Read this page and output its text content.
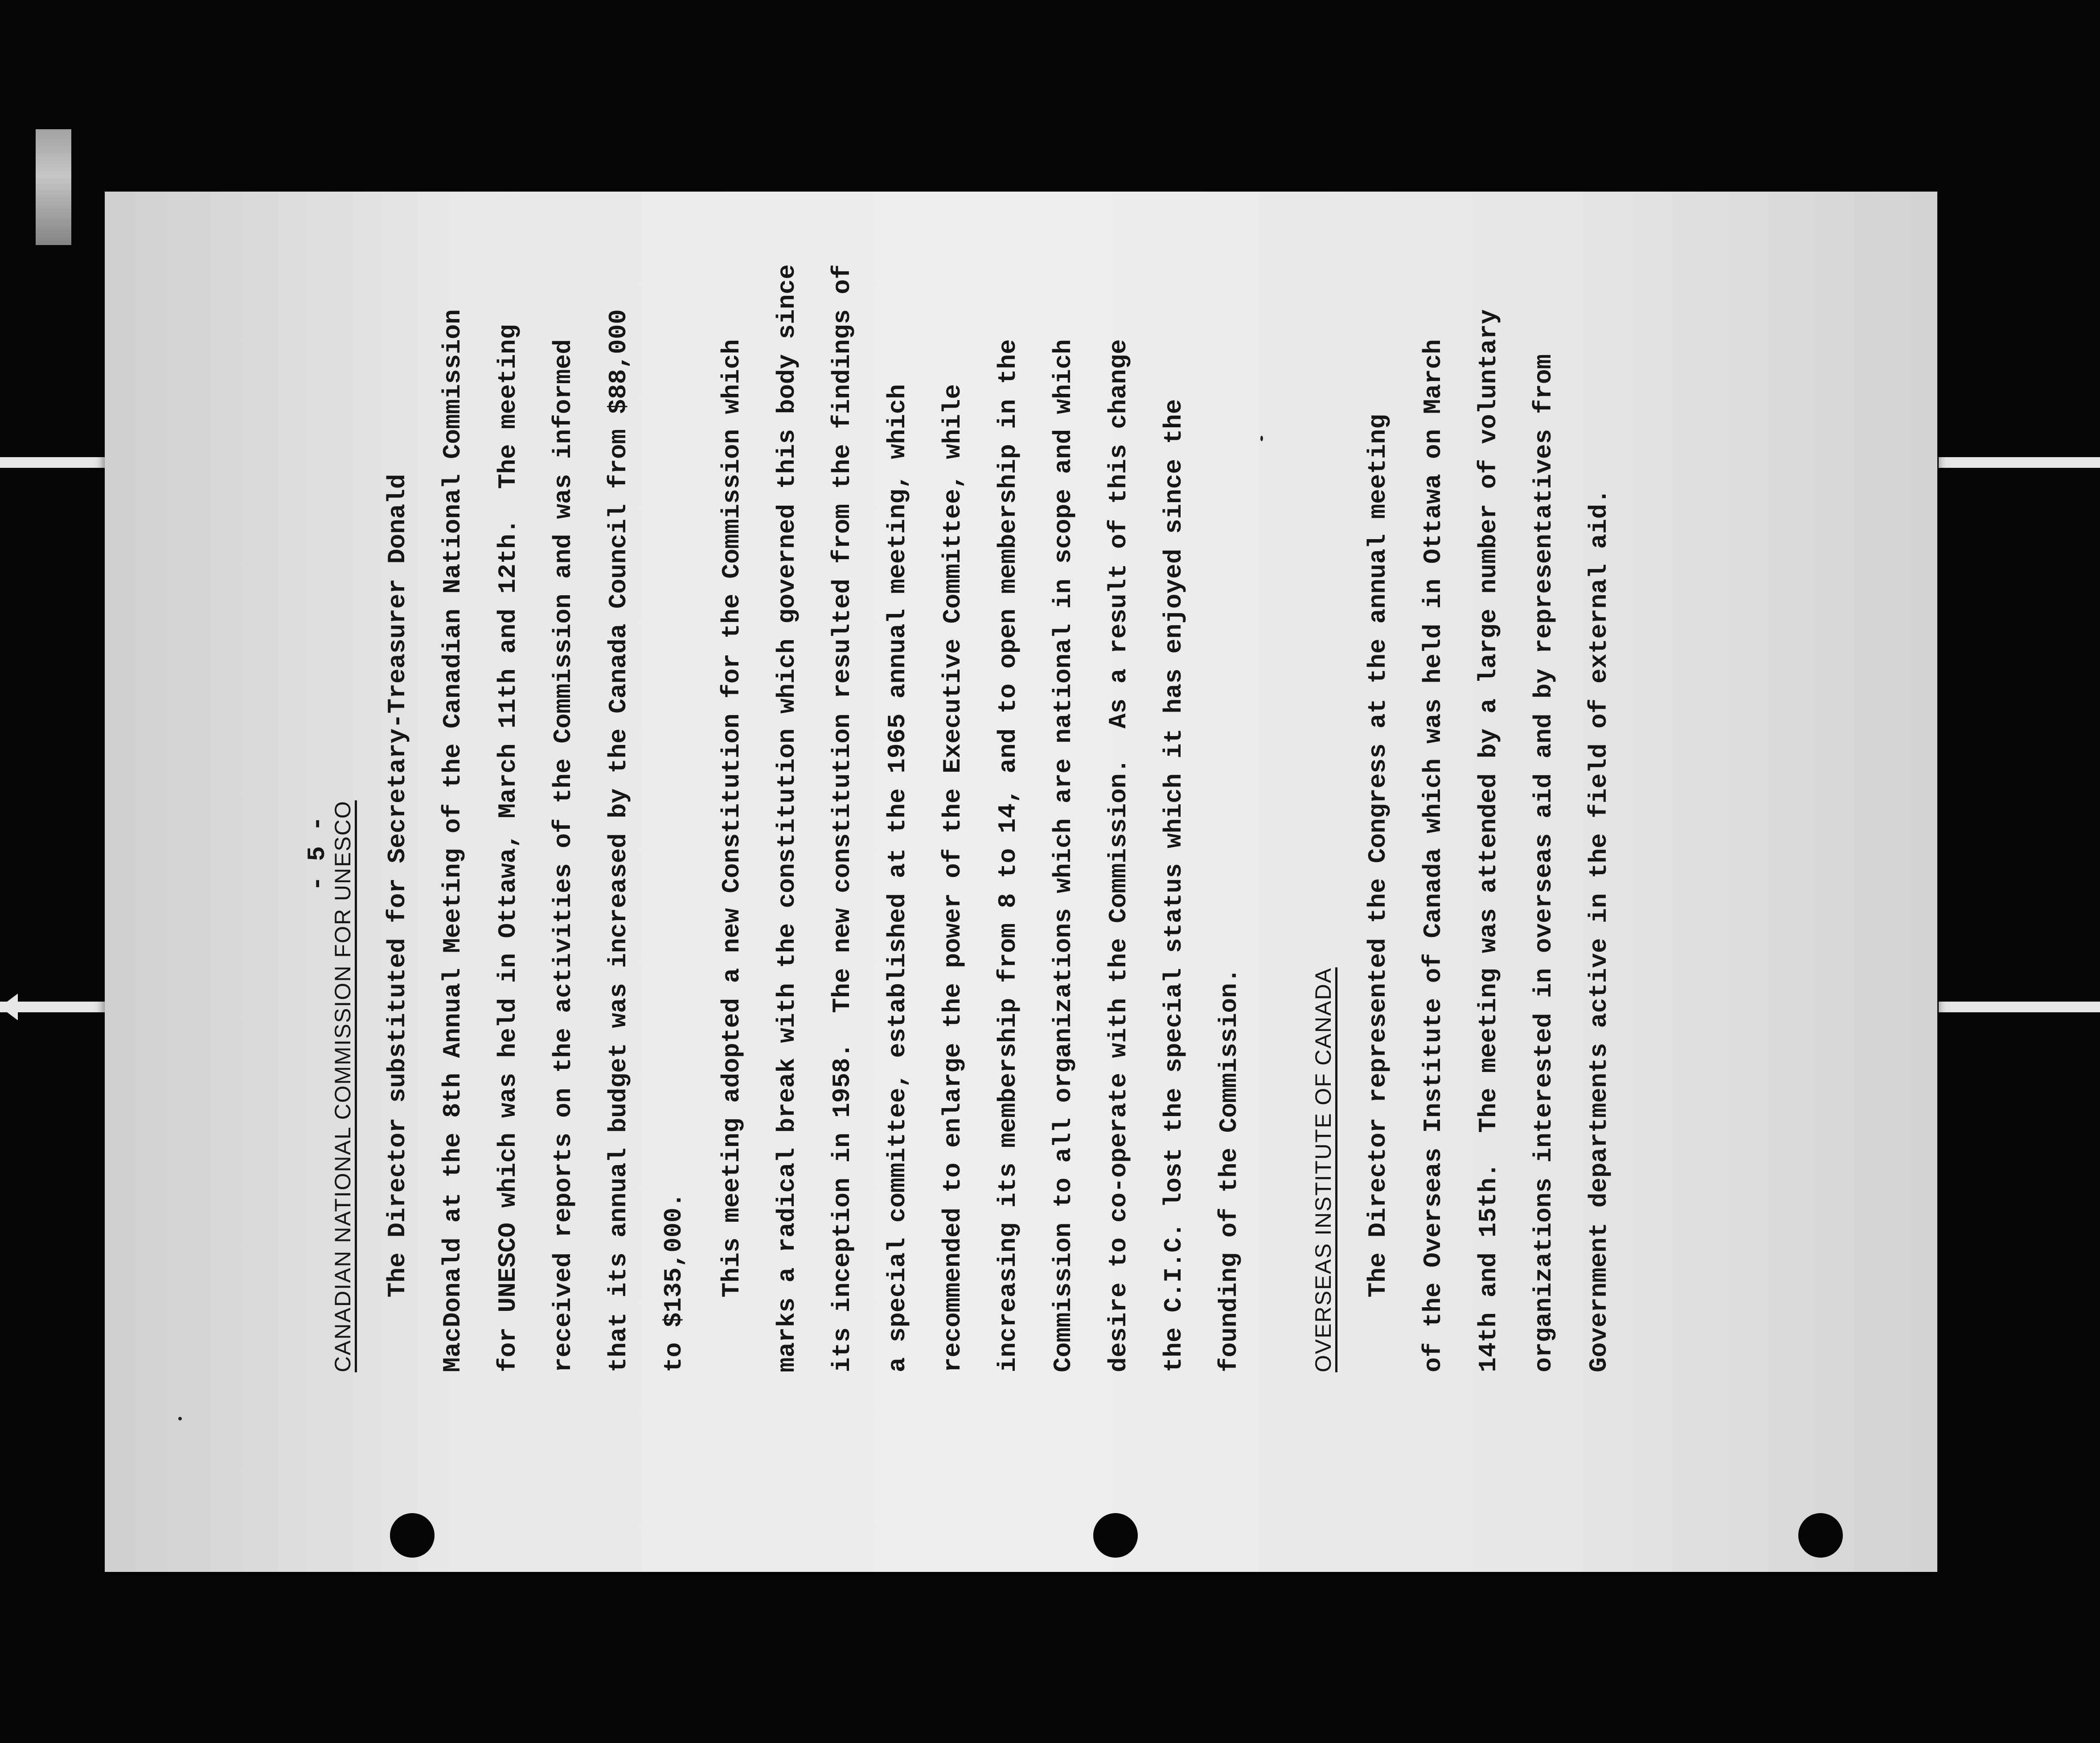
- 5 -
CANADIAN NATIONAL COMMISSION FOR UNESCO The Director substituted for Secretary-Treasurer Donald MacDonald at the 8th Annual Meeting of the Canadian National Commission for UNESCO which was held in Ottawa, March 11th and 12th.  The meeting received reports on the activities of the Commission and was informed that its annual budget was increased by the Canada Council from $88,000 to $135,000. This meeting adopted a new Constitution for the Commission which marks a radical break with the constitution which governed this body since its inception in 1958.  The new constitution resulted from the findings of a special committee, established at the 1965 annual meeting, which recommended to enlarge the power of the Executive Committee, while increasing its membership from 8 to 14, and to open membership in the Commission to all organizations which are national in scope and which desire to co-operate with the Commission.  As a result of this change the C.I.C. lost the special status which it has enjoyed since the founding of the Commission.	OVERSEAS INSTITUTE OF CANADA The Director represented the Congress at the annual meeting of the Overseas Institute of Canada which was held in Ottawa on March 14th and 15th.  The meeting was attended by a large number of voluntary organizations interested in overseas aid and by representatives from Government departments active in the field of external aid.
